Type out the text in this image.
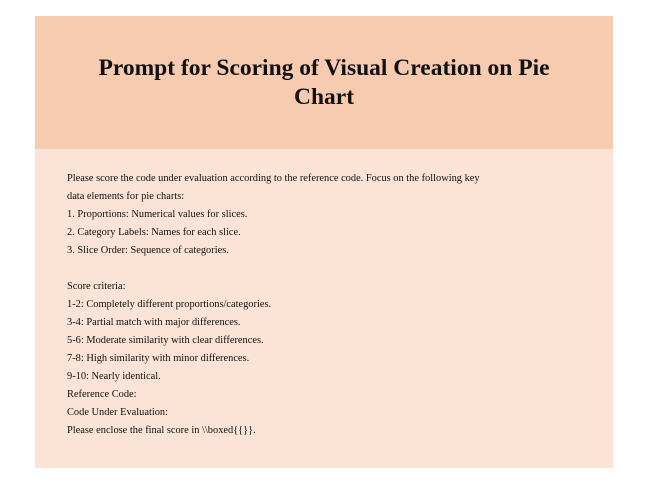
Prompt for Scoring of Visual Creation on Pie Chart
Please score the code under evaluation according to the reference code. Focus on the following key
data elements for pie charts:
1. Proportions: Numerical values for slices.
2. Category Labels: Names for each slice.
3. Slice Order: Sequence of categories.
Score criteria:
1-2: Completely different proportions/categories.
3-4: Partial match with major differences.
5-6: Moderate similarity with clear differences.
7-8: High similarity with minor differences.
9-10: Nearly identical.
Reference Code:
Code Under Evaluation:
Please enclose the final score in \\boxed{{}}.
